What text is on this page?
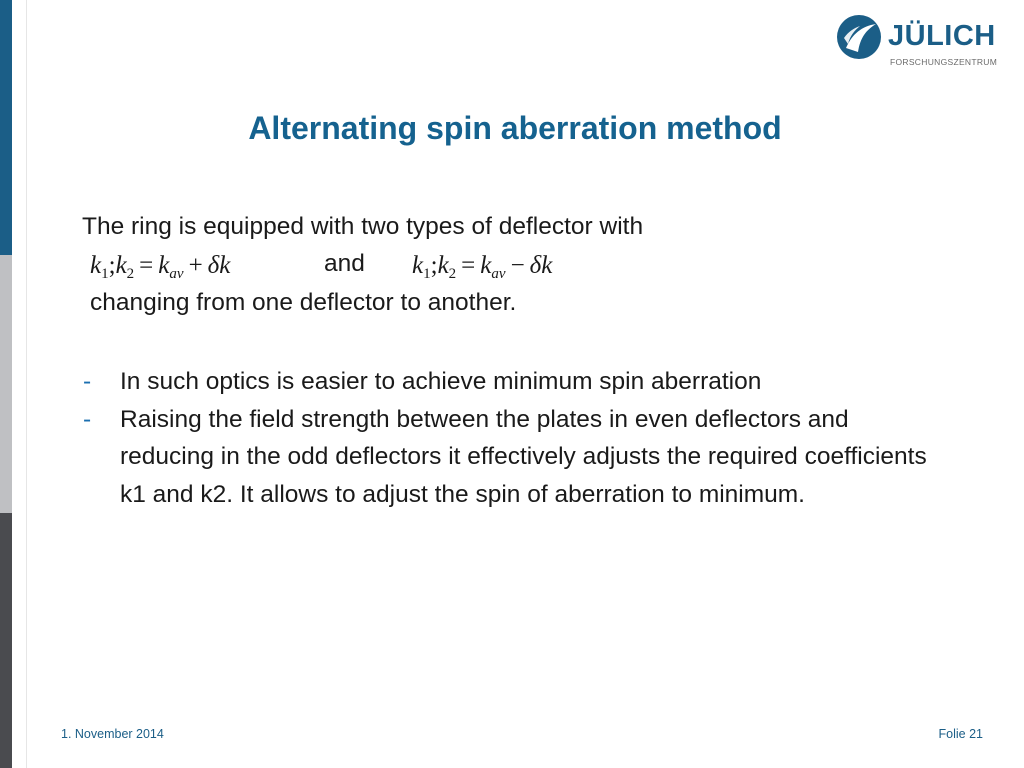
JÜLICH
FORSCHUNGSZENTRUM
Alternating spin aberration method
The ring is equipped with two types of deflector with
$k_1;k_2 = k_{av} + \delta k$	and $k_1;k_2 = k_{av} - \delta k$
changing from one deflector to another.
- In such optics is easier to achieve minimum spin aberration
- Raising the field strength between the plates in even deflectors and reducing in the odd deflectors it effectively adjusts the required coefficients k1 and k2. It allows to adjust the spin of aberration to minimum.
1. November 2014	Folie 21
